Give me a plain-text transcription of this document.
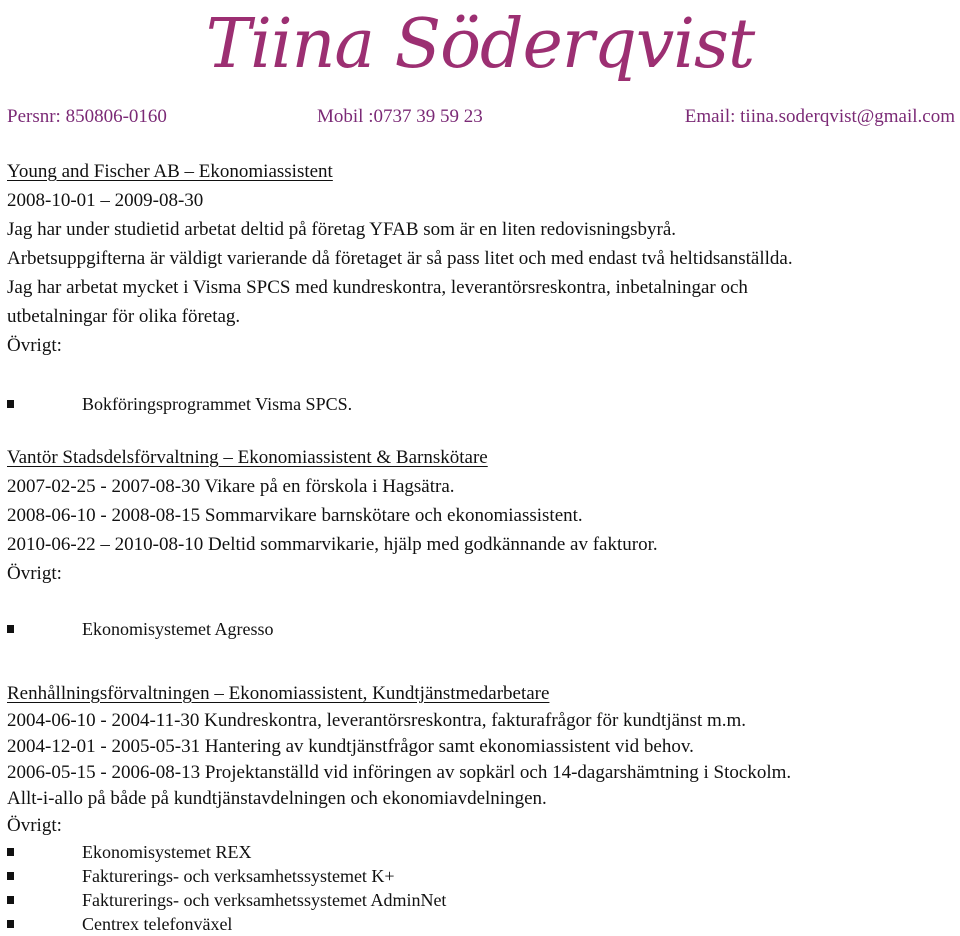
Tiina Söderqvist
Persnr: 850806-0160	Mobil :0737 39 59 23	Email: tiina.soderqvist@gmail.com
Young and Fischer AB – Ekonomiassistent
2008-10-01 – 2009-08-30
Jag har under studietid arbetat deltid på företag YFAB som är en liten redovisningsbyrå.
Arbetsuppgifterna är väldigt varierande då företaget är så pass litet och med endast två heltidsanställda.
Jag har arbetat mycket i Visma SPCS med kundreskontra, leverantörsreskontra, inbetalningar och
utbetalningar för olika företag.
Övrigt:
Bokföringsprogrammet Visma SPCS.
Vantör Stadsdelsförvaltning – Ekonomiassistent & Barnskötare
2007-02-25 - 2007-08-30 Vikare på en förskola i Hagsätra.
2008-06-10 - 2008-08-15 Sommarvikare barnskötare och ekonomiassistent.
2010-06-22 – 2010-08-10 Deltid sommarvikarie, hjälp med godkännande av fakturor.
Övrigt:
Ekonomisystemet Agresso
Renhållningsförvaltningen – Ekonomiassistent, Kundtjänstmedarbetare
2004-06-10 - 2004-11-30 Kundreskontra, leverantörsreskontra, fakturafrågor för kundtjänst m.m.
2004-12-01 - 2005-05-31 Hantering av kundtjänstfrågor samt ekonomiassistent vid behov.
2006-05-15 - 2006-08-13 Projektanställd vid införingen av sopkärl och 14-dagarshämtning i Stockolm.
Allt-i-allo på både på kundtjänstavdelningen och ekonomiavdelningen.
Övrigt:
Ekonomisystemet REX
Fakturerings- och verksamhetssystemet K+
Fakturerings- och verksamhetssystemet AdminNet
Centrex telefonväxel
